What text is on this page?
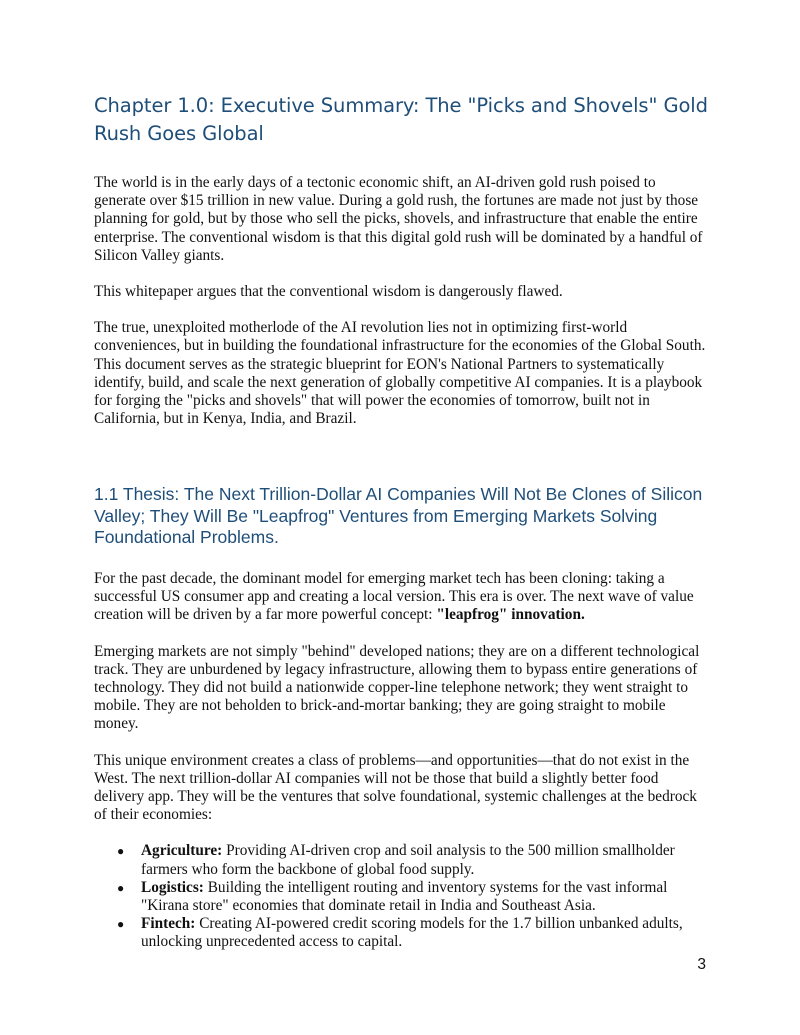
Chapter 1.0: Executive Summary: The "Picks and Shovels" Gold Rush Goes Global

The world is in the early days of a tectonic economic shift, an AI-driven gold rush poised to generate over $15 trillion in new value. During a gold rush, the fortunes are made not just by those planning for gold, but by those who sell the picks, shovels, and infrastructure that enable the entire enterprise. The conventional wisdom is that this digital gold rush will be dominated by a handful of Silicon Valley giants.

This whitepaper argues that the conventional wisdom is dangerously flawed.

The true, unexploited motherlode of the AI revolution lies not in optimizing first-world conveniences, but in building the foundational infrastructure for the economies of the Global South. This document serves as the strategic blueprint for EON's National Partners to systematically identify, build, and scale the next generation of globally competitive AI companies. It is a playbook for forging the "picks and shovels" that will power the economies of tomorrow, built not in California, but in Kenya, India, and Brazil.

1.1 Thesis: The Next Trillion-Dollar AI Companies Will Not Be Clones of Silicon Valley; They Will Be "Leapfrog" Ventures from Emerging Markets Solving Foundational Problems.

For the past decade, the dominant model for emerging market tech has been cloning: taking a successful US consumer app and creating a local version. This era is over. The next wave of value creation will be driven by a far more powerful concept: "leapfrog" innovation.

Emerging markets are not simply "behind" developed nations; they are on a different technological track. They are unburdened by legacy infrastructure, allowing them to bypass entire generations of technology. They did not build a nationwide copper-line telephone network; they went straight to mobile. They are not beholden to brick-and-mortar banking; they are going straight to mobile money.

This unique environment creates a class of problems—and opportunities—that do not exist in the West. The next trillion-dollar AI companies will not be those that build a slightly better food delivery app. They will be the ventures that solve foundational, systemic challenges at the bedrock of their economies:

● Agriculture: Providing AI-driven crop and soil analysis to the 500 million smallholder farmers who form the backbone of global food supply.
● Logistics: Building the intelligent routing and inventory systems for the vast informal "Kirana store" economies that dominate retail in India and Southeast Asia.
● Fintech: Creating AI-powered credit scoring models for the 1.7 billion unbanked adults, unlocking unprecedented access to capital.
3
